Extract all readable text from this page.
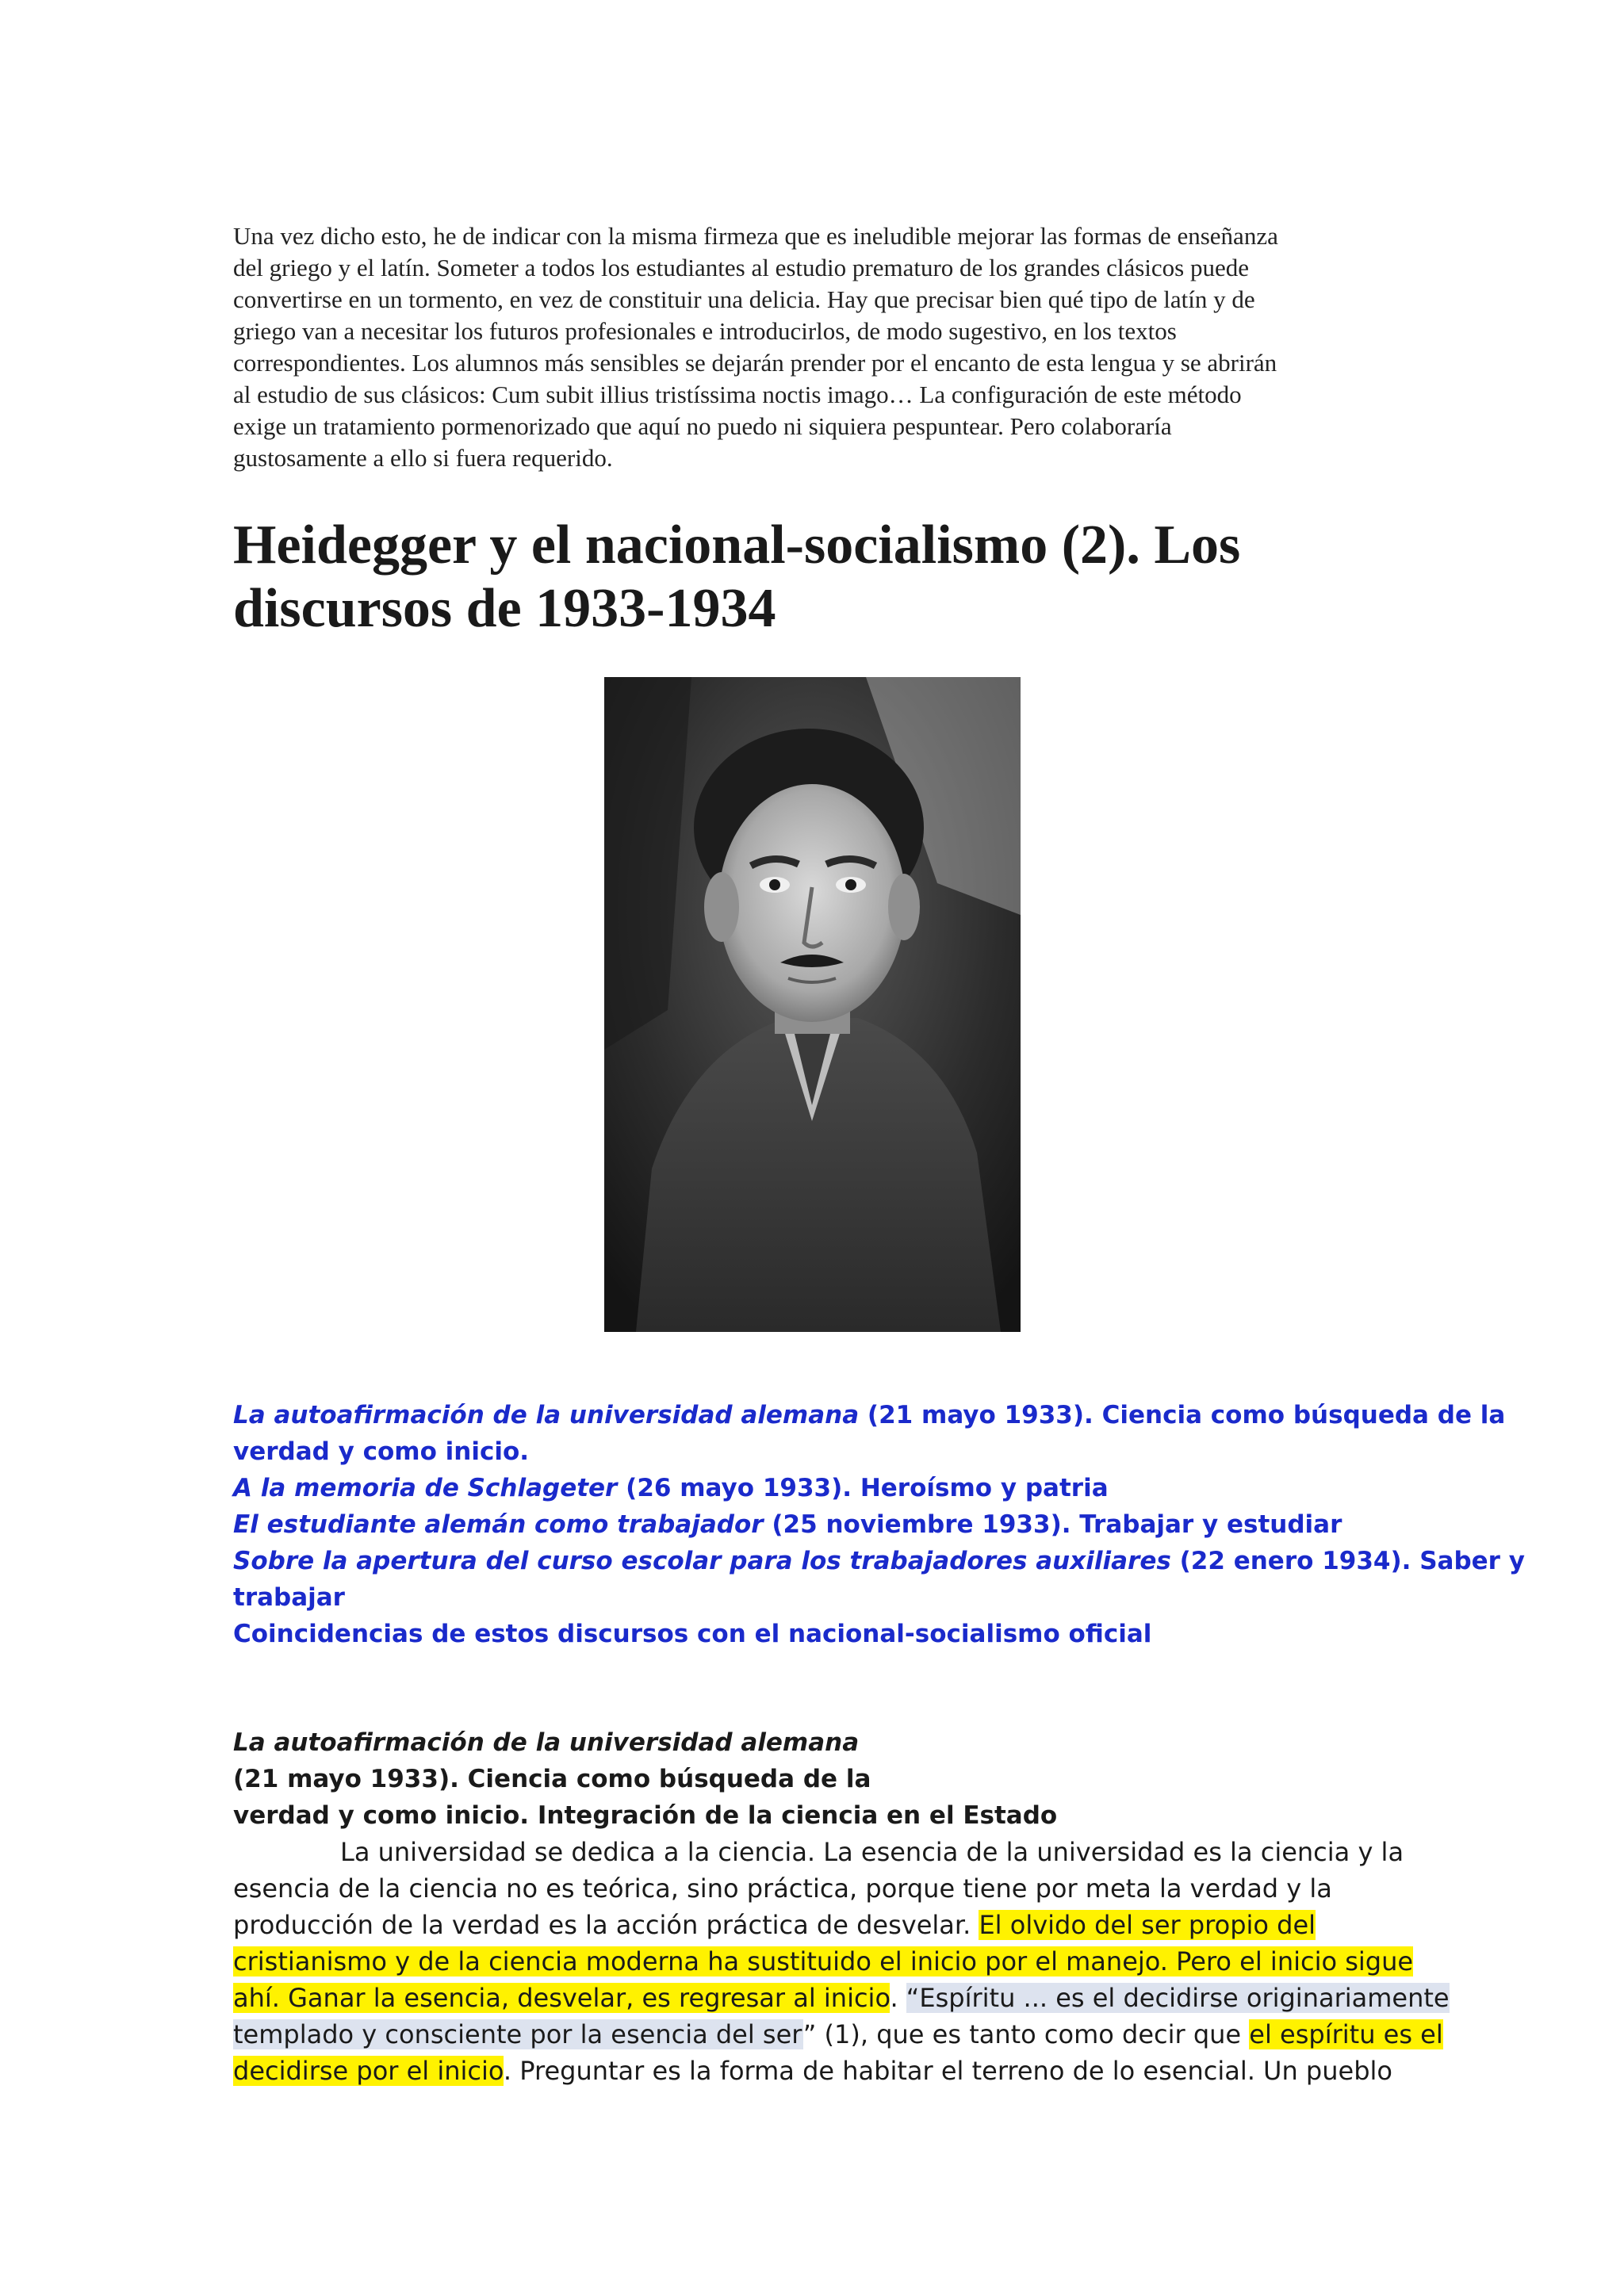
Una vez dicho esto, he de indicar con la misma firmeza que es ineludible mejorar las formas de enseñanza
del griego y el latín. Someter a todos los estudiantes al estudio prematuro de los grandes clásicos puede
convertirse en un tormento, en vez de constituir una delicia. Hay que precisar bien qué tipo de latín y de
griego van a necesitar los futuros profesionales e introducirlos, de modo sugestivo, en los textos
correspondientes. Los alumnos más sensibles se dejarán prender por el encanto de esta lengua y se abrirán
al estudio de sus clásicos: Cum subit illius tristíssima noctis imago… La configuración de este método
exige un tratamiento pormenorizado que aquí no puedo ni siquiera pespuntear. Pero colaboraría
gustosamente a ello si fuera requerido.
Heidegger y el nacional-socialismo (2). Los
discursos de 1933-1934
La autoafirmación de la universidad alemana (21 mayo 1933). Ciencia como búsqueda de la
verdad y como inicio.
A la memoria de Schlageter (26 mayo 1933). Heroísmo y patria
El estudiante alemán como trabajador (25 noviembre 1933). Trabajar y estudiar
Sobre la apertura del curso escolar para los trabajadores auxiliares (22 enero 1934). Saber y
trabajar
Coincidencias de estos discursos con el nacional-socialismo oficial
La autoafirmación de la universidad alemana
(21 mayo 1933). Ciencia como búsqueda de la
verdad y como inicio. Integración de la ciencia en el Estado
La universidad se dedica a la ciencia. La esencia de la universidad es la ciencia y la
esencia de la ciencia no es teórica, sino práctica, porque tiene por meta la verdad y la
producción de la verdad es la acción práctica de desvelar. El olvido del ser propio del
cristianismo y de la ciencia moderna ha sustituido el inicio por el manejo. Pero el inicio sigue
ahí. Ganar la esencia, desvelar, es regresar al inicio. “Espíritu ... es el decidirse originariamente
templado y consciente por la esencia del ser” (1), que es tanto como decir que el espíritu es el
decidirse por el inicio. Preguntar es la forma de habitar el terreno de lo esencial. Un pueblo
